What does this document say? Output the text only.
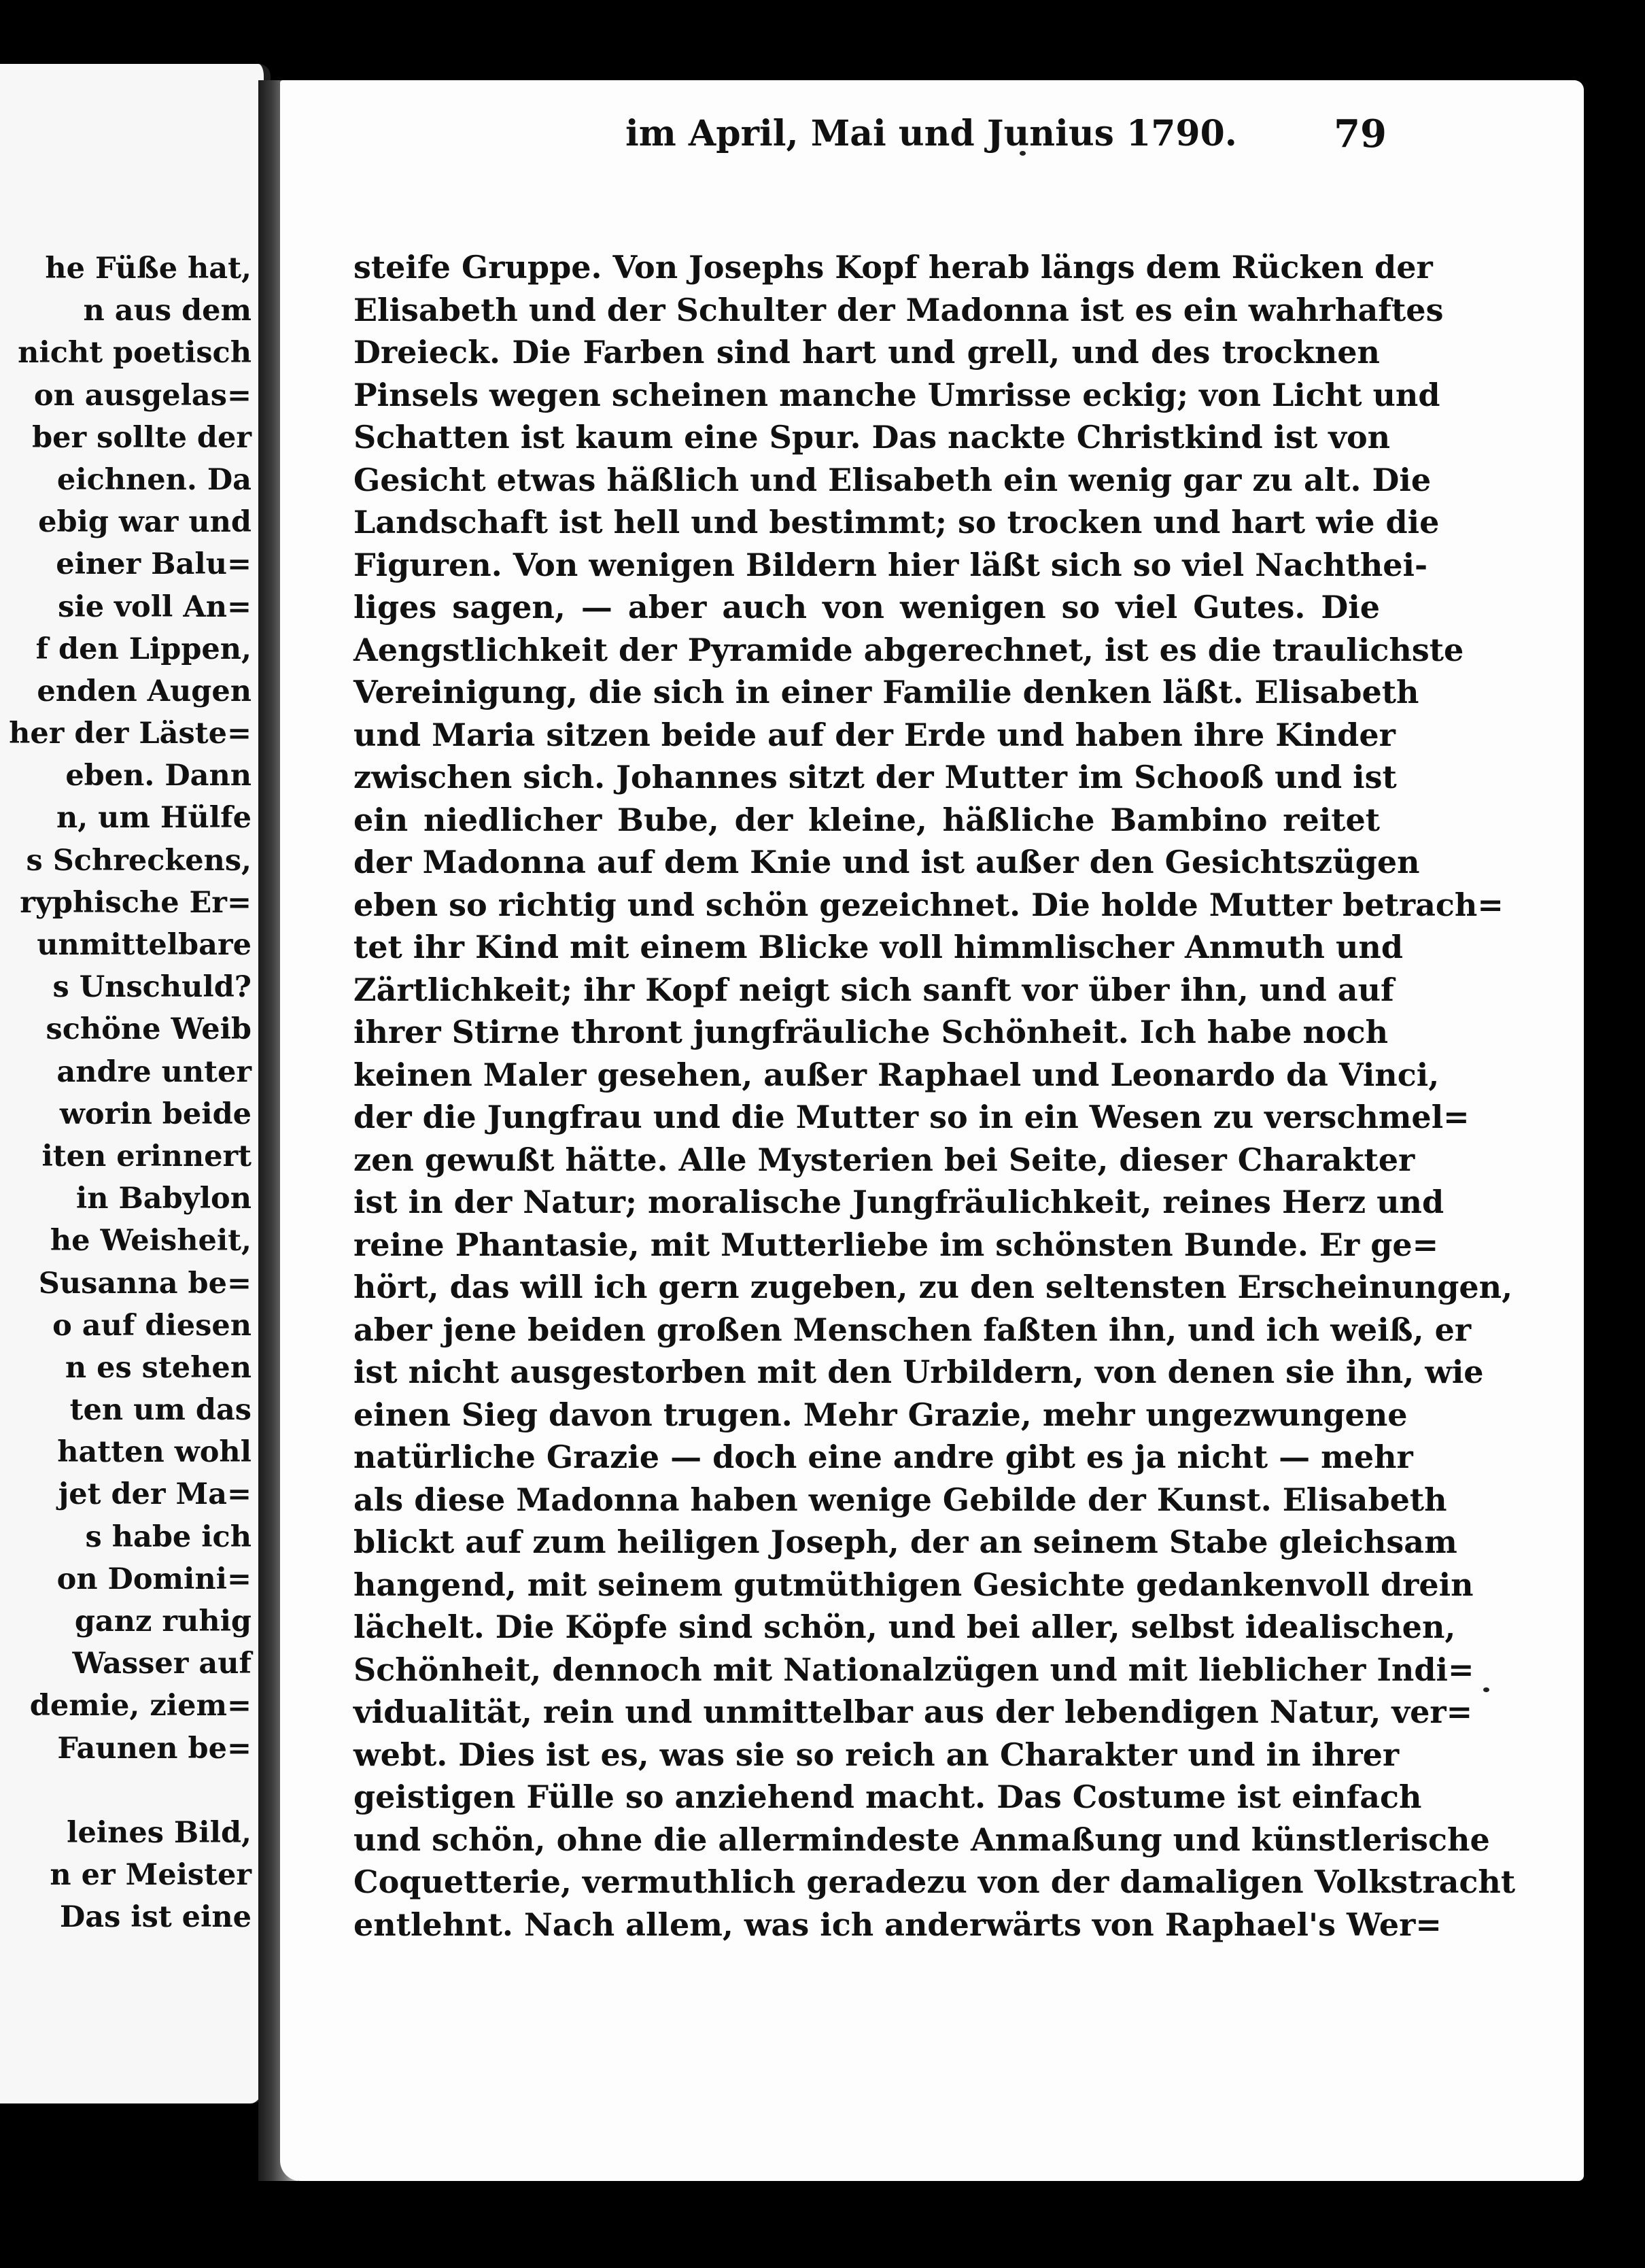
he Füße hat,
n aus dem
nicht poetisch
on ausgelas=
ber sollte der
eichnen. Da
ebig war und
einer Balu=
sie voll An=
f den Lippen,
enden Augen
her der Läste=
eben. Dann
n, um Hülfe
s Schreckens,
ryphische Er=
unmittelbare
s Unschuld?
schöne Weib
andre unter
worin beide
iten erinnert
in Babylon
he Weisheit,
Susanna be=
o auf diesen
n es stehen
ten um das
hatten wohl
jet der Ma=
s habe ich
on Domini=
ganz ruhig
Wasser auf
demie, ziem=
Faunen be=
leines Bild,
n er Meister
Das ist eine
im April, Mai und Junius 1790.	79
steife Gruppe. Von Josephs Kopf herab längs dem Rücken der
Elisabeth und der Schulter der Madonna ist es ein wahrhaftes
Dreieck. Die Farben sind hart und grell, und des trocknen
Pinsels wegen scheinen manche Umrisse eckig; von Licht und
Schatten ist kaum eine Spur. Das nackte Christkind ist von
Gesicht etwas häßlich und Elisabeth ein wenig gar zu alt. Die
Landschaft ist hell und bestimmt; so trocken und hart wie die
Figuren. Von wenigen Bildern hier läßt sich so viel Nachthei-
liges sagen, — aber auch von wenigen so viel Gutes. Die
Aengstlichkeit der Pyramide abgerechnet, ist es die traulichste
Vereinigung, die sich in einer Familie denken läßt. Elisabeth
und Maria sitzen beide auf der Erde und haben ihre Kinder
zwischen sich. Johannes sitzt der Mutter im Schooß und ist
ein niedlicher Bube, der kleine, häßliche Bambino reitet
der Madonna auf dem Knie und ist außer den Gesichtszügen
eben so richtig und schön gezeichnet. Die holde Mutter betrach=
tet ihr Kind mit einem Blicke voll himmlischer Anmuth und
Zärtlichkeit; ihr Kopf neigt sich sanft vor über ihn, und auf
ihrer Stirne thront jungfräuliche Schönheit. Ich habe noch
keinen Maler gesehen, außer Raphael und Leonardo da Vinci,
der die Jungfrau und die Mutter so in ein Wesen zu verschmel=
zen gewußt hätte. Alle Mysterien bei Seite, dieser Charakter
ist in der Natur; moralische Jungfräulichkeit, reines Herz und
reine Phantasie, mit Mutterliebe im schönsten Bunde. Er ge=
hört, das will ich gern zugeben, zu den seltensten Erscheinungen,
aber jene beiden großen Menschen faßten ihn, und ich weiß, er
ist nicht ausgestorben mit den Urbildern, von denen sie ihn, wie
einen Sieg davon trugen. Mehr Grazie, mehr ungezwungene
natürliche Grazie — doch eine andre gibt es ja nicht — mehr
als diese Madonna haben wenige Gebilde der Kunst. Elisabeth
blickt auf zum heiligen Joseph, der an seinem Stabe gleichsam
hangend, mit seinem gutmüthigen Gesichte gedankenvoll drein
lächelt. Die Köpfe sind schön, und bei aller, selbst idealischen,
Schönheit, dennoch mit Nationalzügen und mit lieblicher Indi=
vidualität, rein und unmittelbar aus der lebendigen Natur, ver=
webt. Dies ist es, was sie so reich an Charakter und in ihrer
geistigen Fülle so anziehend macht. Das Costume ist einfach
und schön, ohne die allermindeste Anmaßung und künstlerische
Coquetterie, vermuthlich geradezu von der damaligen Volkstracht
entlehnt. Nach allem, was ich anderwärts von Raphael's Wer=
